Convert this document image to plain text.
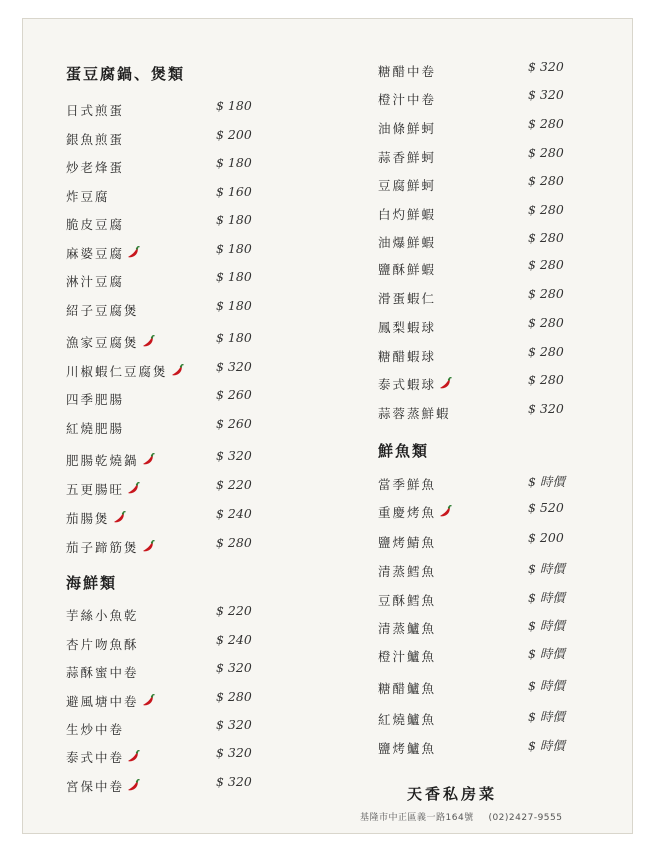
蛋豆腐鍋、煲類
日式煎蛋	$ 180
銀魚煎蛋	$ 200
炒老烽蛋	$ 180
炸豆腐	$ 160
脆皮豆腐	$ 180
麻婆豆腐	$ 180
淋汁豆腐	$ 180
紹子豆腐煲	$ 180
漁家豆腐煲	$ 180
川椒蝦仁豆腐煲	$ 320
四季肥腸	$ 260
紅燒肥腸	$ 260
肥腸乾燒鍋	$ 320
五更腸旺	$ 220
茄腸煲	$ 240
茄子蹄筋煲	$ 280
海鮮類
芋絲小魚乾	$ 220
杏片吻魚酥	$ 240
蒜酥蜜中卷	$ 320
避風塘中卷	$ 280
生炒中卷	$ 320
泰式中卷	$ 320
宮保中卷	$ 320
糖醋中卷	$ 320
橙汁中卷	$ 320
油條鮮蚵	$ 280
蒜香鮮蚵	$ 280
豆腐鮮蚵	$ 280
白灼鮮蝦	$ 280
油爆鮮蝦	$ 280
鹽酥鮮蝦	$ 280
滑蛋蝦仁	$ 280
鳳梨蝦球	$ 280
糖醋蝦球	$ 280
泰式蝦球	$ 280
蒜蓉蒸鮮蝦	$ 320
鮮魚類
當季鮮魚	$ 時價
重慶烤魚	$ 520
鹽烤鯖魚	$ 200
清蒸鱈魚	$ 時價
豆酥鱈魚	$ 時價
清蒸鱸魚	$ 時價
橙汁鱸魚	$ 時價
糖醋鱸魚	$ 時價
紅燒鱸魚	$ 時價
鹽烤鱸魚	$ 時價
天香私房菜
基隆市中正區義一路164號 (02)2427-9555
